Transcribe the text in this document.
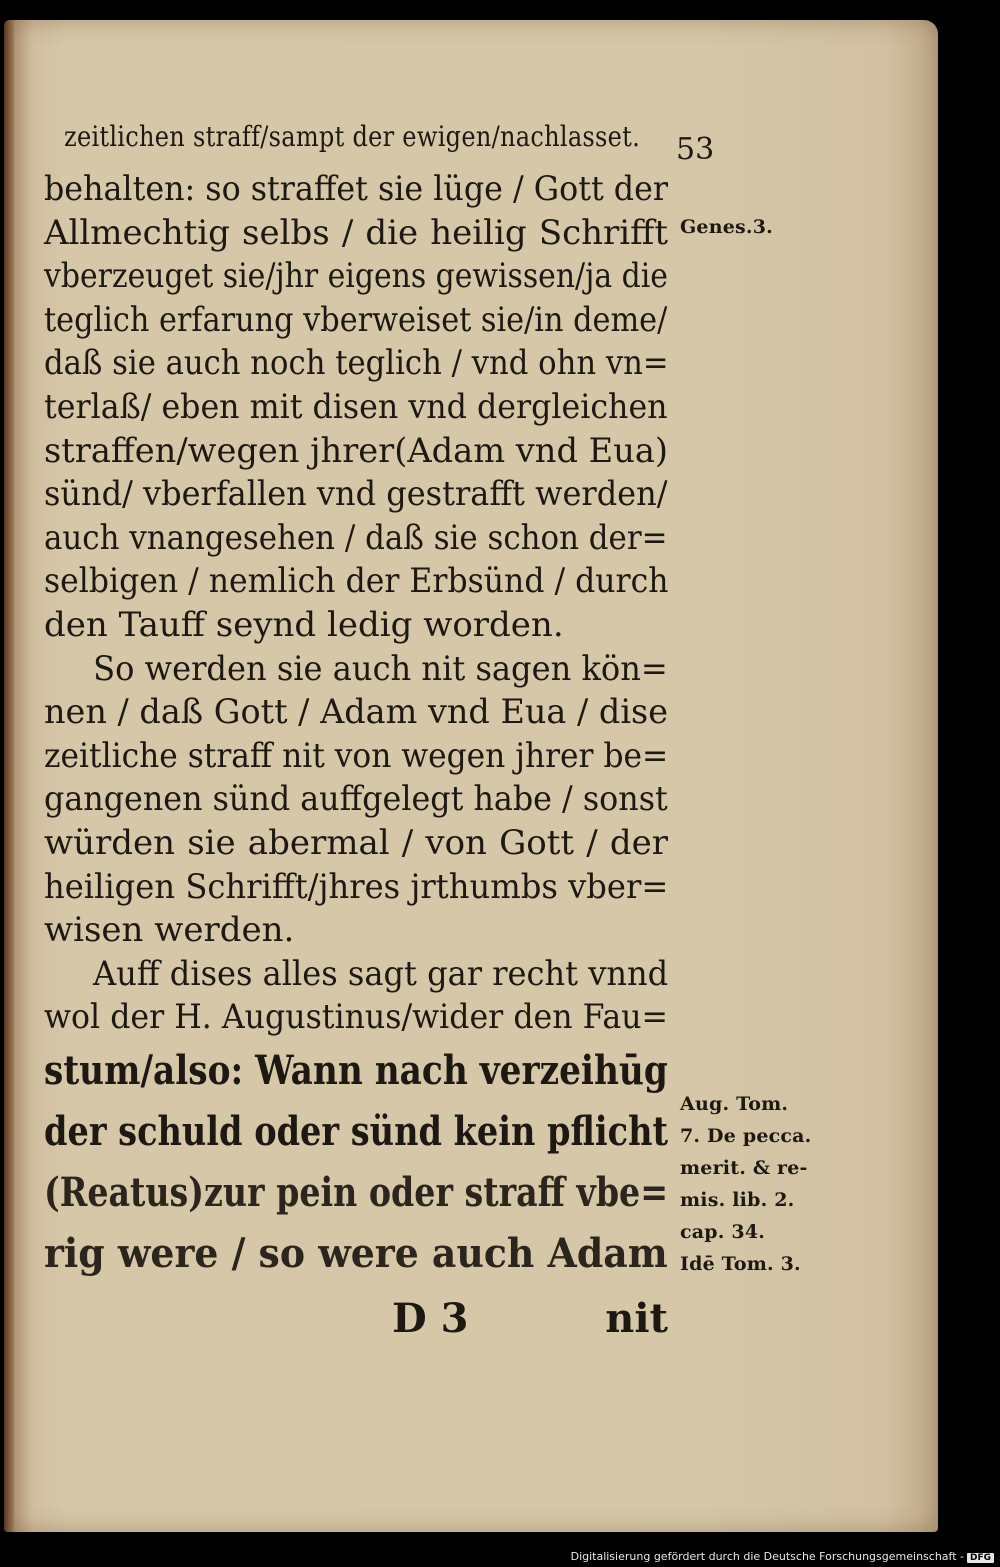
zeitlichen straff/sampt der ewigen/nachlasset. 53
behalten: so straffet sie lüge / Gott der
Allmechtig selbs / die heilig Schrifft
vberzeuget sie/jhr eigens gewissen/ja die
teglich erfarung vberweiset sie/in deme/
daß sie auch noch teglich / vnd ohn vn=
terlaß/ eben mit disen vnd dergleichen
straffen/wegen jhrer(Adam vnd Eua)
sünd/ vberfallen vnd gestrafft werden/
auch vnangesehen / daß sie schon der=
selbigen / nemlich der Erbsünd / durch
den Tauff seynd ledig worden.
So werden sie auch nit sagen kön=
nen / daß Gott / Adam vnd Eua / dise
zeitliche straff nit von wegen jhrer be=
gangenen sünd auffgelegt habe / sonst
würden sie abermal / von Gott / der
heiligen Schrifft/jhres jrthumbs vber=
wisen werden.
Auff dises alles sagt gar recht vnnd
wol der H. Augustinus/wider den Fau=
stum/also: Wann nach verzeihūg
der schuld oder sünd kein pflicht
(Reatus)zur pein oder straff vbe=
rig were / so were auch Adam
D 3	nit
Genes.3.
Aug. Tom.
7. De pecca.
merit. & re-
mis. lib. 2.
cap. 34.
Idē Tom. 3.
Digitalisierung gefördert durch die Deutsche Forschungsgemeinschaft - DFG
